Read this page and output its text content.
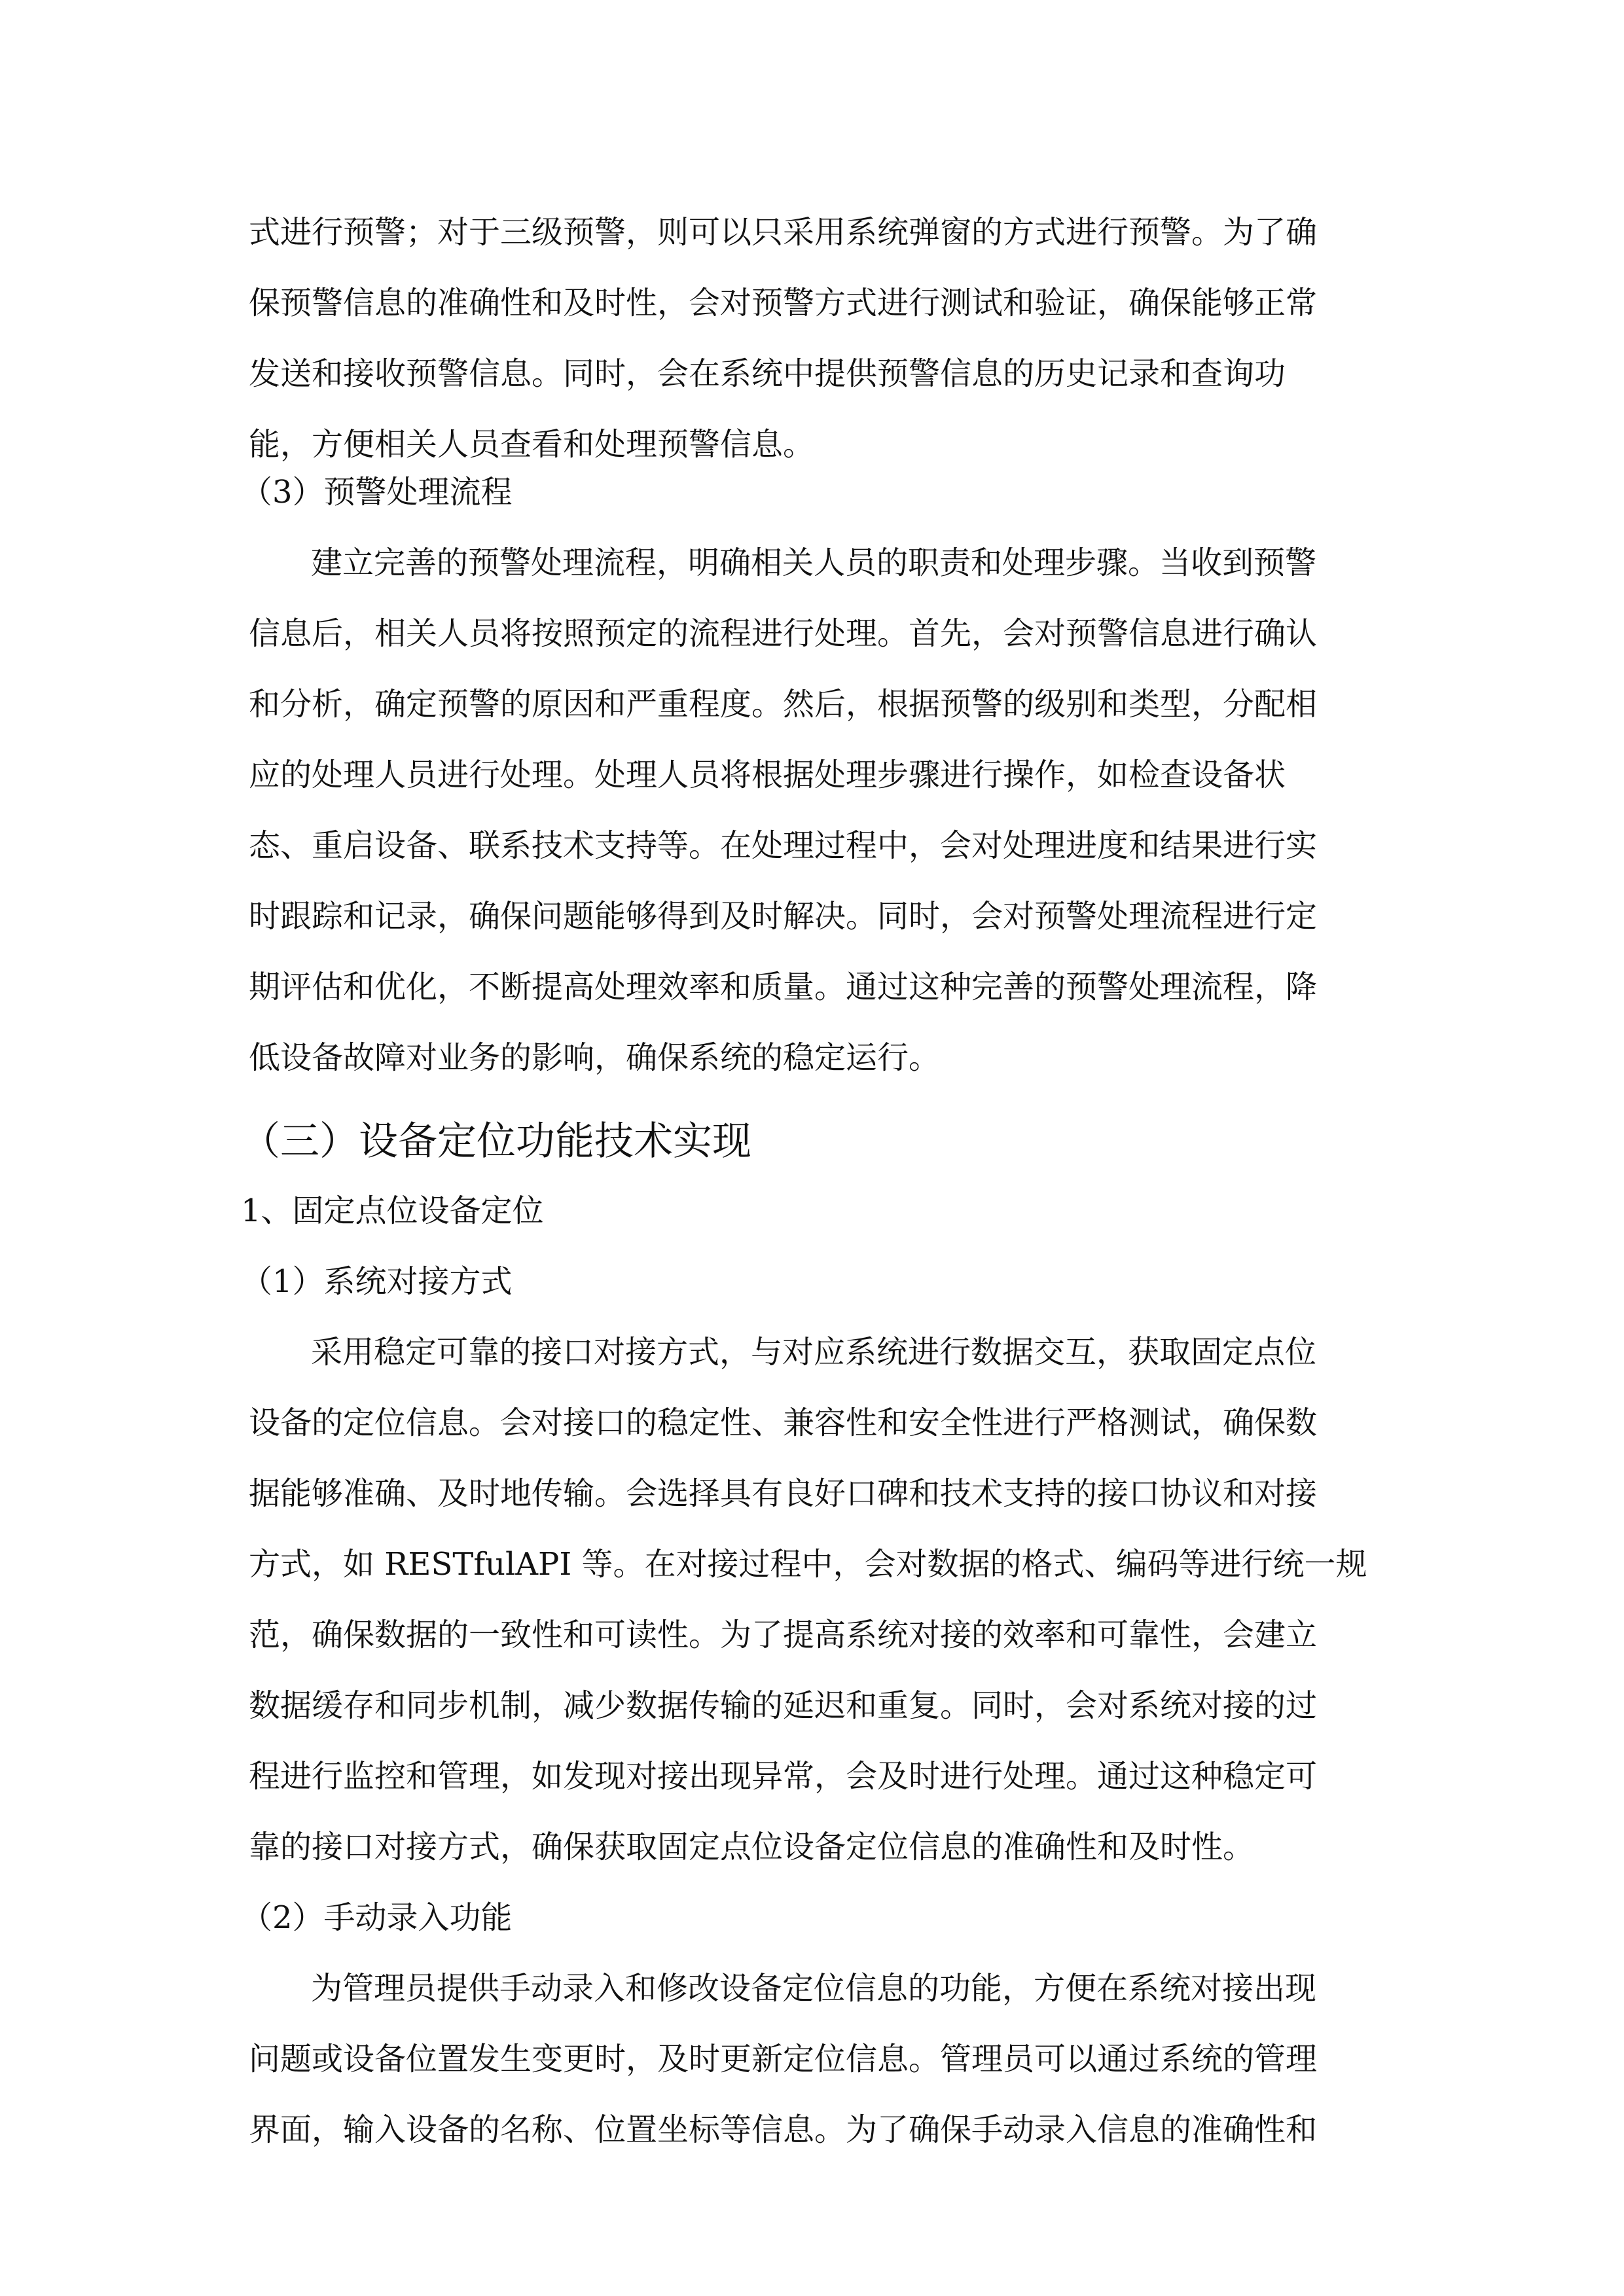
式进行预警；对于三级预警，则可以只采用系统弹窗的方式进行预警。为了确
保预警信息的准确性和及时性，会对预警方式进行测试和验证，确保能够正常
发送和接收预警信息。同时，会在系统中提供预警信息的历史记录和查询功
能，方便相关人员查看和处理预警信息。
（3）预警处理流程
建立完善的预警处理流程，明确相关人员的职责和处理步骤。当收到预警
信息后，相关人员将按照预定的流程进行处理。首先，会对预警信息进行确认
和分析，确定预警的原因和严重程度。然后，根据预警的级别和类型，分配相
应的处理人员进行处理。处理人员将根据处理步骤进行操作，如检查设备状
态、重启设备、联系技术支持等。在处理过程中，会对处理进度和结果进行实
时跟踪和记录，确保问题能够得到及时解决。同时，会对预警处理流程进行定
期评估和优化，不断提高处理效率和质量。通过这种完善的预警处理流程，降
低设备故障对业务的影响，确保系统的稳定运行。
（三）设备定位功能技术实现
1、固定点位设备定位
（1）系统对接方式
采用稳定可靠的接口对接方式，与对应系统进行数据交互，获取固定点位
设备的定位信息。会对接口的稳定性、兼容性和安全性进行严格测试，确保数
据能够准确、及时地传输。会选择具有良好口碑和技术支持的接口协议和对接
方式，如 RESTfulAPI 等。在对接过程中，会对数据的格式、编码等进行统一规
范，确保数据的一致性和可读性。为了提高系统对接的效率和可靠性，会建立
数据缓存和同步机制，减少数据传输的延迟和重复。同时，会对系统对接的过
程进行监控和管理，如发现对接出现异常，会及时进行处理。通过这种稳定可
靠的接口对接方式，确保获取固定点位设备定位信息的准确性和及时性。
（2）手动录入功能
为管理员提供手动录入和修改设备定位信息的功能，方便在系统对接出现
问题或设备位置发生变更时，及时更新定位信息。管理员可以通过系统的管理
界面，输入设备的名称、位置坐标等信息。为了确保手动录入信息的准确性和
